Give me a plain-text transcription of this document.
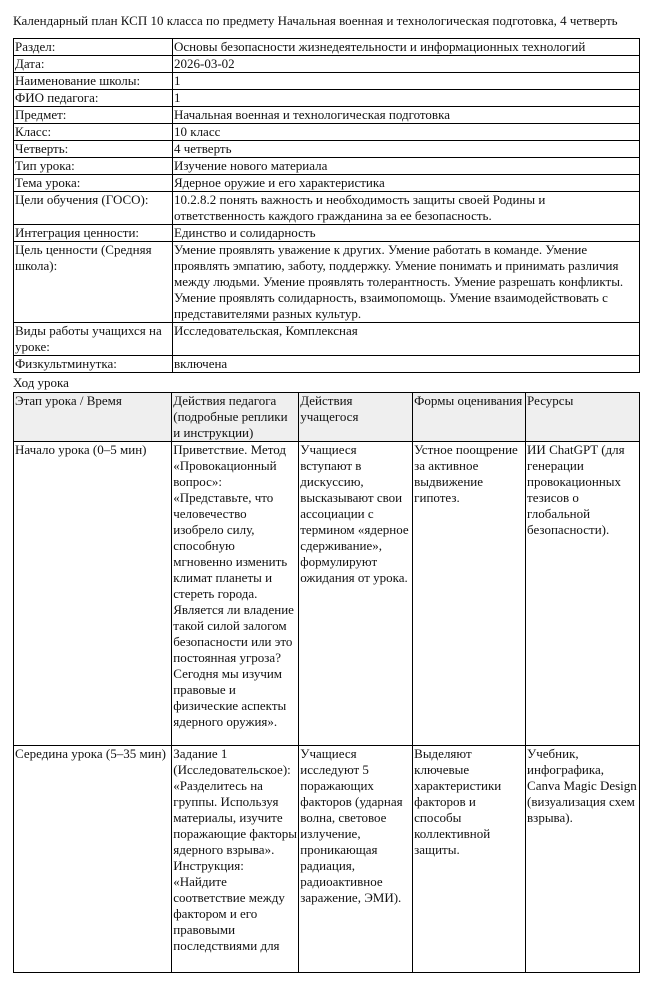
Календарный план КСП 10 класса по предмету Начальная военная и технологическая подготовка, 4 четверть

Раздел:	Основы безопасности жизнедеятельности и информационных технологий
Дата:	2026-03-02
Наименование школы:	1
ФИО педагога:	1
Предмет:	Начальная военная и технологическая подготовка
Класс:	10 класс
Четверть:	4 четверть
Тип урока:	Изучение нового материала
Тема урока:	Ядерное оружие и его характеристика
Цели обучения (ГОСО):	10.2.8.2 понять важность и необходимость защиты своей Родины и ответственность каждого гражданина за ее безопасность.
Интеграция ценности:	Единство и солидарность
Цель ценности (Средняя школа):	Умение проявлять уважение к других. Умение работать в команде. Умение проявлять эмпатию, заботу, поддержку. Умение понимать и принимать различия между людьми. Умение проявлять толерантность. Умение разрешать конфликты. Умение проявлять солидарность, взаимопомощь. Умение взаимодействовать с представителями разных культур.
Виды работы учащихся на уроке:	Исследовательская, Комплексная
Физкультминутка:	включена
Ход урока
Этап урока / Время	Действия педагога (подробные реплики и инструкции)	Действия учащегося	Формы оценивания	Ресурсы
Начало урока (0–5 мин)	Приветствие. Метод «Провокационный вопрос»: «Представьте, что человечество изобрело силу, способную мгновенно изменить климат планеты и стереть города. Является ли владение такой силой залогом безопасности или это постоянная угроза? Сегодня мы изучим правовые и физические аспекты ядерного оружия».	Учащиеся вступают в дискуссию, высказывают свои ассоциации с термином «ядерное сдерживание», формулируют ожидания от урока.	Устное поощрение за активное выдвижение гипотез.	ИИ ChatGPT (для генерации провокационных тезисов о глобальной безопасности).
Середина урока (5–35 мин)	Задание 1 (Исследовательское): «Разделитесь на группы. Используя материалы, изучите поражающие факторы ядерного взрыва». Инструкция: «Найдите соответствие между фактором и его правовыми последствиями для	Учащиеся исследуют 5 поражающих факторов (ударная волна, световое излучение, проникающая радиация, радиоактивное заражение, ЭМИ).	Выделяют ключевые характеристики факторов и способы коллективной защиты.	Учебник, инфографика, Canva Magic Design (визуализация схем взрыва).
